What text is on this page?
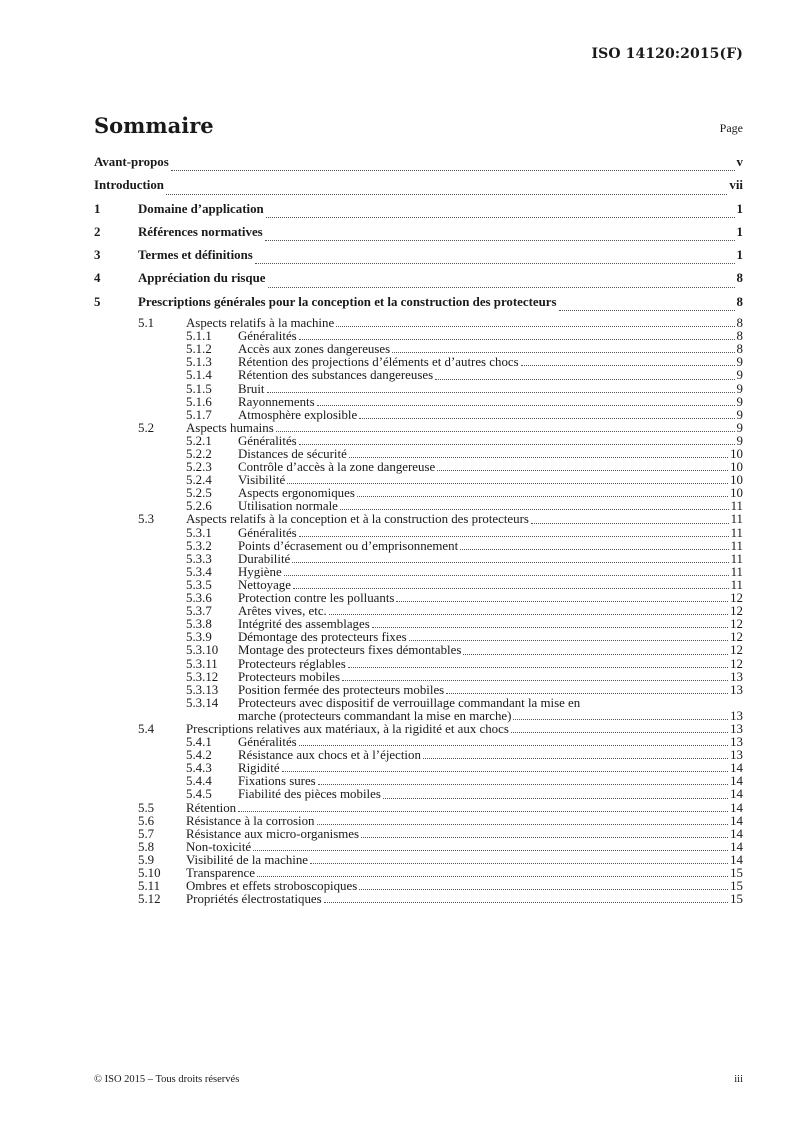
ISO 14120:2015(F)
Sommaire	Page
Avant-propos	v
Introduction	vii
1	Domaine d’application	1
2	Références normatives	1
3	Termes et définitions	1
4	Appréciation du risque	8
5	Prescriptions générales pour la conception et la construction des protecteurs	8
5.1 Aspects relatifs à la machine	8
5.1.1 Généralités	8
5.1.2 Accès aux zones dangereuses	8
5.1.3 Rétention des projections d’éléments et d’autres chocs	9
5.1.4 Rétention des substances dangereuses	9
5.1.5 Bruit	9
5.1.6 Rayonnements	9
5.1.7 Atmosphère explosible	9
5.2 Aspects humains	9
5.2.1 Généralités	9
5.2.2 Distances de sécurité	10
5.2.3 Contrôle d’accès à la zone dangereuse	10
5.2.4 Visibilité	10
5.2.5 Aspects ergonomiques	10
5.2.6 Utilisation normale	11
5.3 Aspects relatifs à la conception et à la construction des protecteurs	11
5.3.1 Généralités	11
5.3.2 Points d’écrasement ou d’emprisonnement	11
5.3.3 Durabilité	11
5.3.4 Hygiène	11
5.3.5 Nettoyage	11
5.3.6 Protection contre les polluants	12
5.3.7 Arêtes vives, etc.	12
5.3.8 Intégrité des assemblages	12
5.3.9 Démontage des protecteurs fixes	12
5.3.10 Montage des protecteurs fixes démontables	12
5.3.11 Protecteurs réglables	12
5.3.12 Protecteurs mobiles	13
5.3.13 Position fermée des protecteurs mobiles	13
5.3.14 Protecteurs avec dispositif de verrouillage commandant la mise en
marche (protecteurs commandant la mise en marche)	13
5.4 Prescriptions relatives aux matériaux, à la rigidité et aux chocs	13
5.4.1 Généralités	13
5.4.2 Résistance aux chocs et à l’éjection	13
5.4.3 Rigidité	14
5.4.4 Fixations sures	14
5.4.5 Fiabilité des pièces mobiles	14
5.5 Rétention	14
5.6 Résistance à la corrosion	14
5.7 Résistance aux micro-organismes	14
5.8 Non-toxicité	14
5.9 Visibilité de la machine	14
5.10 Transparence	15
5.11 Ombres et effets stroboscopiques	15
5.12 Propriétés électrostatiques	15
© ISO 2015 – Tous droits réservés	iii
